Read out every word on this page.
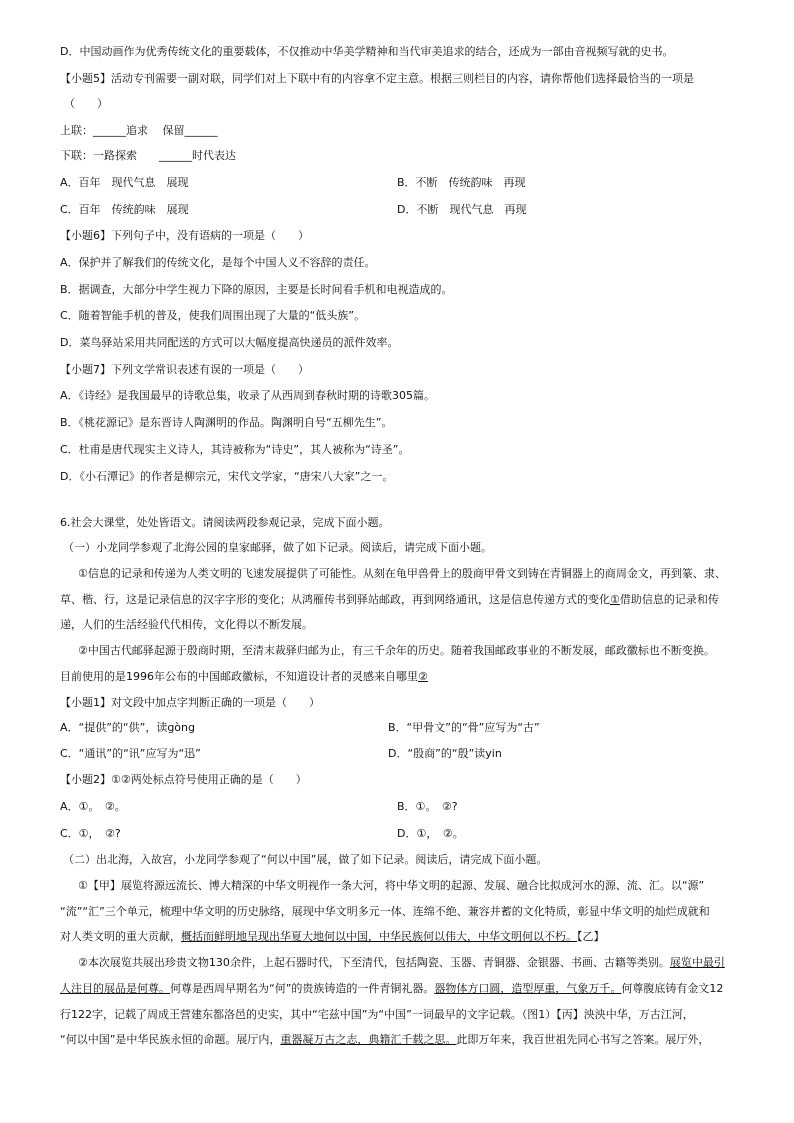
D．中国动画作为优秀传统文化的重要载体，不仅推动中华美学精神和当代审美追求的结合，还成为一部由音视频写就的史书。
【小题5】活动专刊需要一副对联，同学们对上下联中有的内容拿不定主意。根据三则栏目的内容，请你帮他们选择最恰当的一项是
（　　）
上联：______追求　 保留______
下联：一路探索　　______时代表达
A．百年　现代气息　展现	B．不断　传统韵味　再现
C．百年　传统韵味　展现	D．不断　现代气息　再现
【小题6】下列句子中，没有语病的一项是（　　）
A．保护并了解我们的传统文化，是每个中国人义不容辞的责任。
B．据调查，大部分中学生视力下降的原因，主要是长时间看手机和电视造成的。
C．随着智能手机的普及，使我们周围出现了大量的“低头族”。
D．菜鸟驿站采用共同配送的方式可以大幅度提高快递员的派件效率。
【小题7】下列文学常识表述有误的一项是（　　）
A．《诗经》是我国最早的诗歌总集，收录了从西周到春秋时期的诗歌305篇。
B．《桃花源记》是东晋诗人陶渊明的作品。陶渊明自号“五柳先生”。
C．杜甫是唐代现实主义诗人，其诗被称为“诗史”，其人被称为“诗圣”。
D．《小石潭记》的作者是柳宗元，宋代文学家，“唐宋八大家”之一。
6.社会大课堂，处处皆语文。请阅读两段参观记录，完成下面小题。
（一）小龙同学参观了北海公园的皇家邮驿，做了如下记录。阅读后，请完成下面小题。
①信息的记录和传递为人类文明的飞速发展提供了可能性。从刻在龟甲兽骨上的殷商甲骨文到铸在青铜器上的商周金文，再到篆、隶、
草、楷、行，这是记录信息的汉字字形的变化；从鸿雁传书到驿站邮政，再到网络通讯，这是信息传递方式的变化①借助信息的记录和传
递，人们的生活经验代代相传，文化得以不断发展。
②中国古代邮驿起源于殷商时期，至清末裁驿归邮为止，有三千余年的历史。随着我国邮政事业的不断发展，邮政徽标也不断变换。
目前使用的是1996年公布的中国邮政徽标，不知道设计者的灵感来自哪里②
【小题1】对文段中加点字判断正确的一项是（　　）
A．“提供”的“供”，读gòng	B．“甲骨文”的“骨”应写为“古”
C．“通讯”的“讯”应写为“迅”	D．“殷商”的“殷”读yin
【小题2】①②两处标点符号使用正确的是（　　）
A．①。　②。	B．①。　②?
C．①，　②?	D．①，　②。
（二）出北海，入故宫，小龙同学参观了“何以中国”展，做了如下记录。阅读后，请完成下面小题。
①【甲】展览将源远流长、博大精深的中华文明视作一条大河，将中华文明的起源、发展、融合比拟成河水的源、流、汇。以“源”
“流”“汇”三个单元，梳理中华文明的历史脉络，展现中华文明多元一体、连绵不绝、兼容并蓄的文化特质，彰显中华文明的灿烂成就和
对人类文明的重大贡献，概括而鲜明地呈现出华夏大地何以中国，中华民族何以伟大，中华文明何以不朽。【乙】
②本次展览共展出珍贵文物130余件，上起石器时代，下至清代，包括陶瓷、玉器、青铜器、金银器、书画、古籍等类别。展览中最引
人注目的展品是何尊。何尊是西周早期名为“何”的贵族铸造的一件青铜礼器。器物体方口圆，造型厚重，气象万千。何尊腹底铸有金文12
行122字，记载了周成王营建东都洛邑的史实，其中“宅兹中国”为“中国”一词最早的文字记载。（图1）【丙】泱泱中华，万古江河，
“何以中国”是中华民族永恒的命题。展厅内，重器凝万古之志，典籍汇千载之思。此即万年来，我百世祖先同心书写之答案。展厅外，
